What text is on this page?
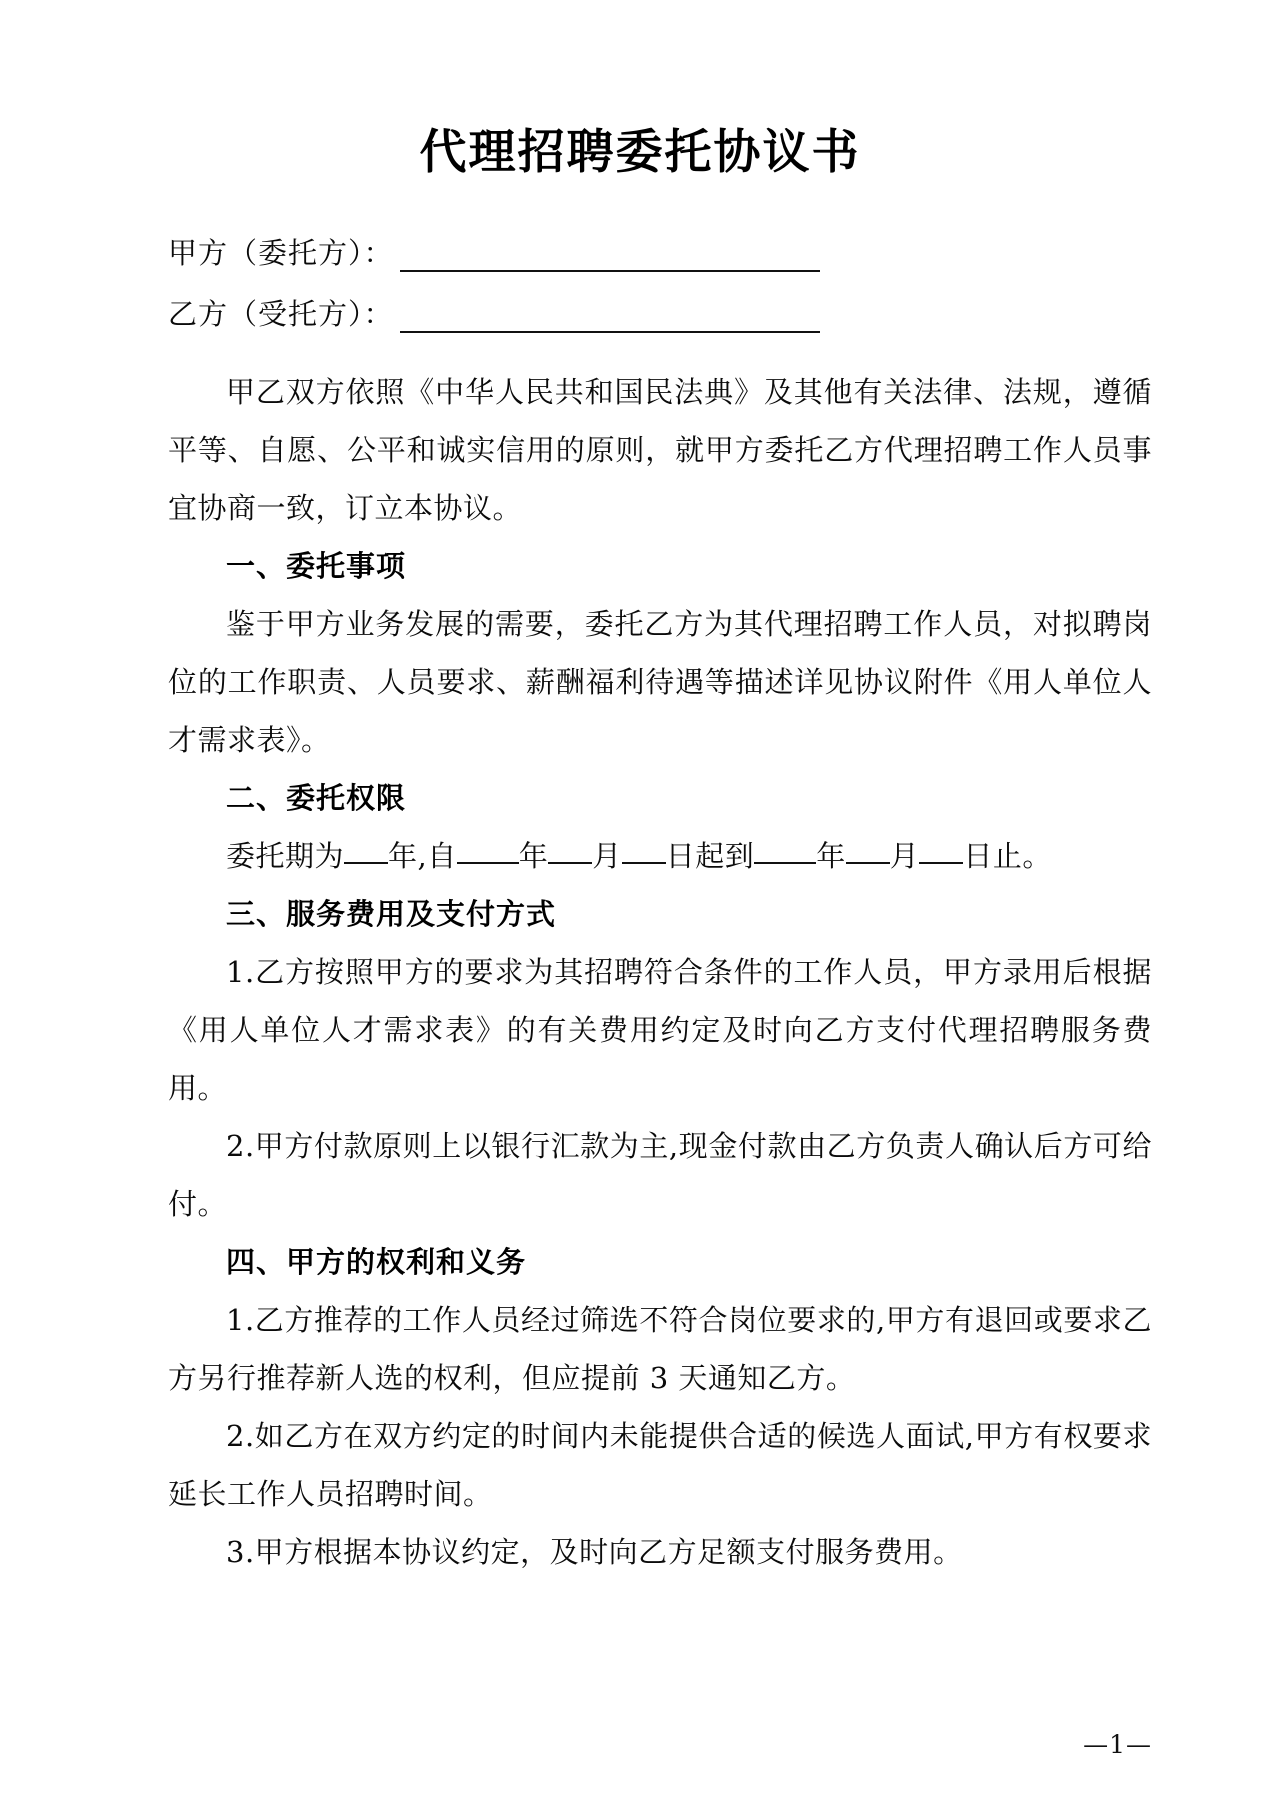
代理招聘委托协议书
甲方（委托方）：
乙方（受托方）：

甲乙双方依照《中华人民共和国民法典》及其他有关法律、法规，遵循平等、自愿、公平和诚实信用的原则，就甲方委托乙方代理招聘工作人员事宜协商一致，订立本协议。

一、委托事项

鉴于甲方业务发展的需要，委托乙方为其代理招聘工作人员，对拟聘岗位的工作职责、人员要求、薪酬福利待遇等描述详见协议附件《用人单位人才需求表》。

二、委托权限

委托期为 年,自 年 月 日起到 年 月 日止。

三、服务费用及支付方式

1.乙方按照甲方的要求为其招聘符合条件的工作人员，甲方录用后根据《用人单位人才需求表》的有关费用约定及时向乙方支付代理招聘服务费用。

2.甲方付款原则上以银行汇款为主,现金付款由乙方负责人确认后方可给付。

四、甲方的权利和义务

1.乙方推荐的工作人员经过筛选不符合岗位要求的,甲方有退回或要求乙方另行推荐新人选的权利，但应提前 3 天通知乙方。

2.如乙方在双方约定的时间内未能提供合适的候选人面试,甲方有权要求延长工作人员招聘时间。

3.甲方根据本协议约定，及时向乙方足额支付服务费用。

—1—
